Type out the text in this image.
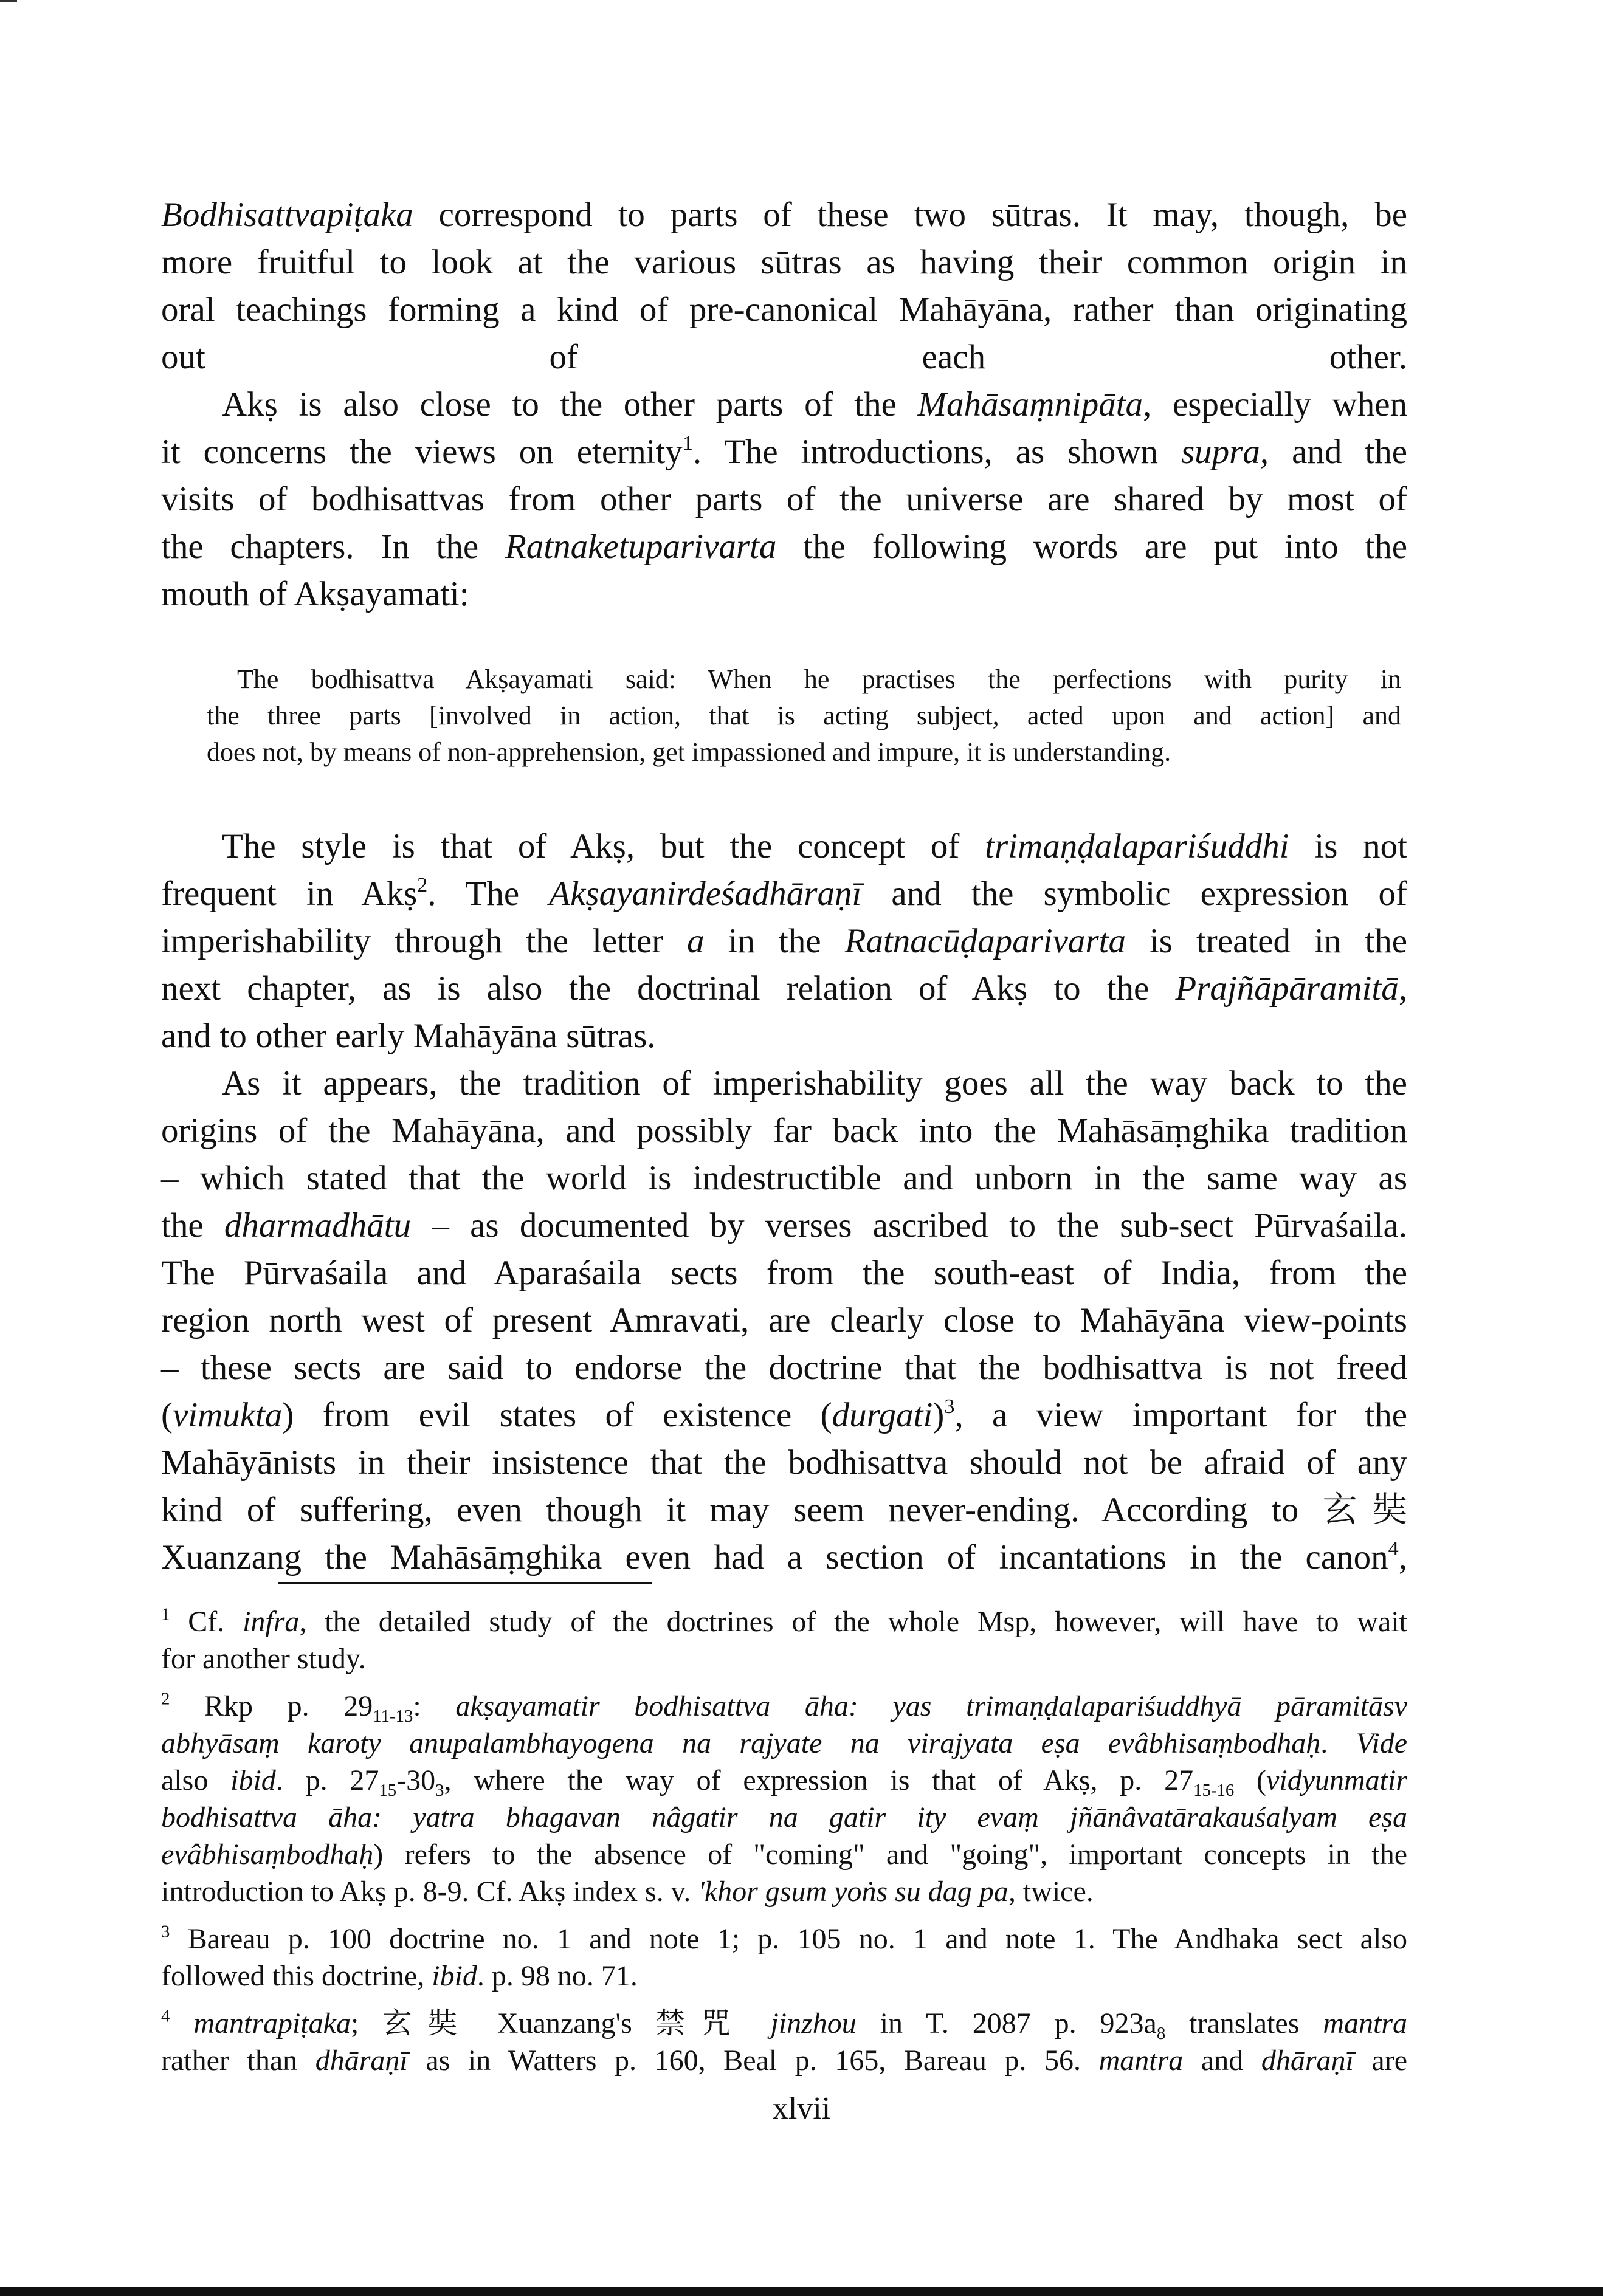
Bodhisattvapiṭaka correspond to parts of these two sūtras. It may, though, be
more fruitful to look at the various sūtras as having their common origin in
oral teachings forming a kind of pre-canonical Mahāyāna, rather than originating
out of each other.
Akṣ is also close to the other parts of the Mahāsaṃnipāta, especially when
it concerns the views on eternity$^1$. The introductions, as shown supra, and the
visits of bodhisattvas from other parts of the universe are shared by most of
the chapters. In the Ratnaketuparivarta the following words are put into the
mouth of Akṣayamati:
The bodhisattva Akṣayamati said: When he practises the perfections with purity in
the three parts [involved in action, that is acting subject, acted upon and action] and
does not, by means of non-apprehension, get impassioned and impure, it is understanding.
The style is that of Akṣ, but the concept of trimaṇḍalapariśuddhi is not
frequent in Akṣ$^2$. The Akṣayanirdeśadhāraṇī and the symbolic expression of
imperishability through the letter a in the Ratnacūḍaparivarta is treated in the
next chapter, as is also the doctrinal relation of Akṣ to the Prajñāpāramitā,
and to other early Mahāyāna sūtras.
As it appears, the tradition of imperishability goes all the way back to the
origins of the Mahāyāna, and possibly far back into the Mahāsāṃghika tradition
– which stated that the world is indestructible and unborn in the same way as
the dharmadhātu – as documented by verses ascribed to the sub-sect Pūrvaśaila.
The Pūrvaśaila and Aparaśaila sects from the south-east of India, from the
region north west of present Amravati, are clearly close to Mahāyāna view-points
– these sects are said to endorse the doctrine that the bodhisattva is not freed
(vimukta) from evil states of existence (durgati)$^3$, a view important for the
Mahāyānists in their insistence that the bodhisattva should not be afraid of any
kind of suffering, even though it may seem never-ending. According to 玄奘
Xuanzang the Mahāsāṃghika even had a section of incantations in the canon$^4$,
$^1$ Cf. infra, the detailed study of the doctrines of the whole Msp, however, will have to wait
for another study.
$^2$ Rkp p. $29_{11-13}$: akṣayamatir bodhisattva āha: yas trimaṇḍalapariśuddhyā pāramitāsv
abhyāsaṃ karoty anupalambhayogena na rajyate na virajyata eṣa evâbhisaṃbodhaḥ. Vide
also ibid. p. $27_{15}-30_3$, where the way of expression is that of Akṣ, p. $27_{15-16}$ (vidyunmatir
bodhisattva āha: yatra bhagavan nâgatir na gatir ity evaṃ jñānâvatārakauśalyam eṣa
evâbhisaṃbodhaḥ) refers to the absence of "coming" and "going", important concepts in the
introduction to Akṣ p. 8-9. Cf. Akṣ index s. v. 'khor gsum yoṅs su dag pa, twice.
$^3$ Bareau p. 100 doctrine no. 1 and note 1; p. 105 no. 1 and note 1. The Andhaka sect also
followed this doctrine, ibid. p. 98 no. 71.
$^4$ mantrapiṭaka; 玄奘 Xuanzang's 禁咒 jinzhou in T. 2087 p. $923a_8$ translates mantra
rather than dhāraṇī as in Watters p. 160, Beal p. 165, Bareau p. 56. mantra and dhāraṇī are
xlvii
